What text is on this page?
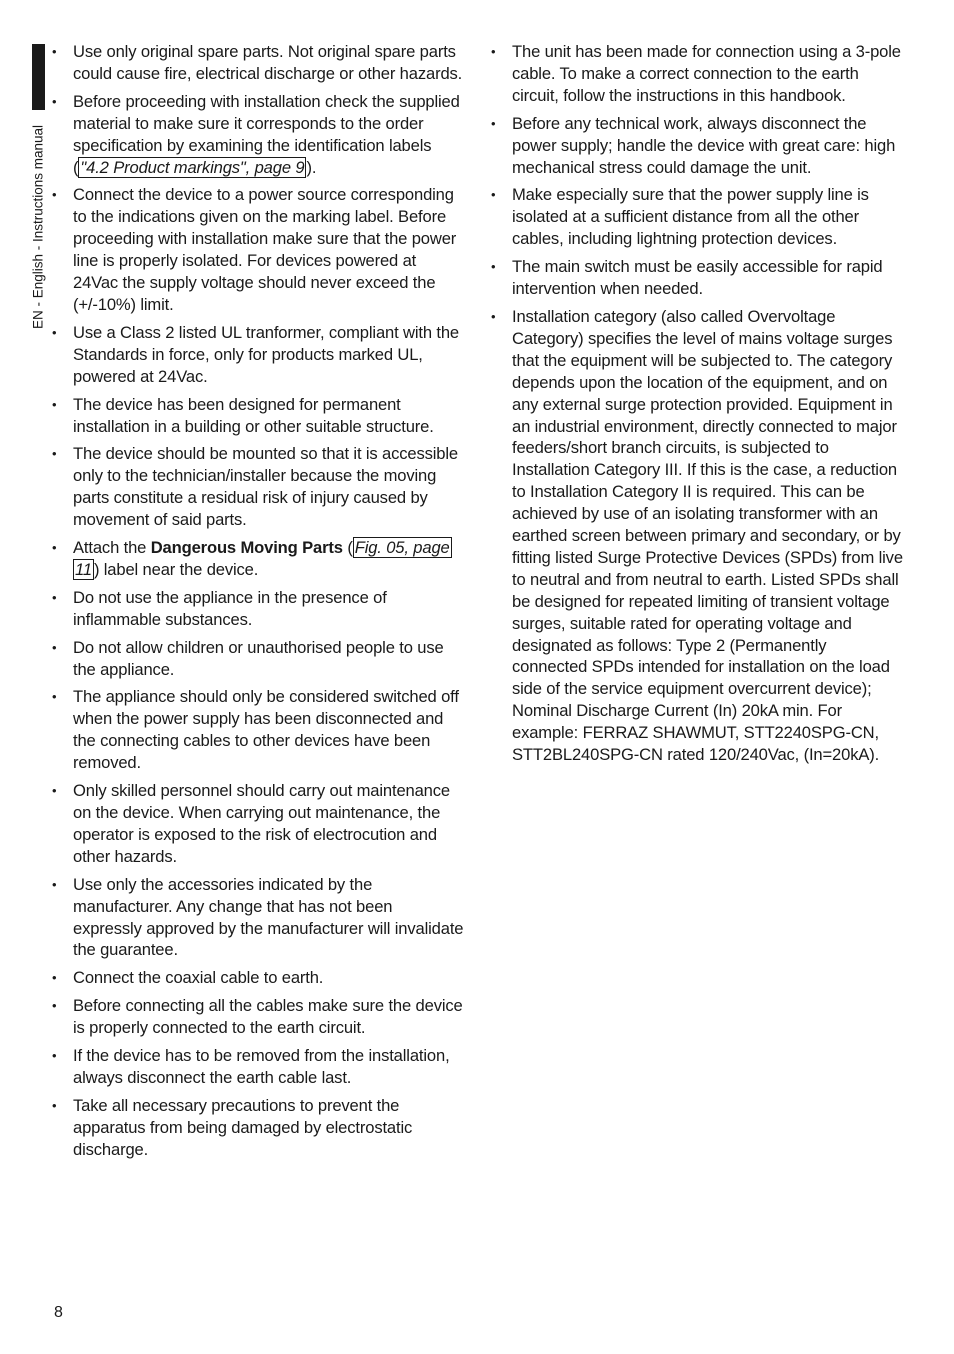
EN - English - Instructions manual
• Use only original spare parts. Not original spare parts could cause fire, electrical discharge or other hazards.
• Before proceeding with installation check the supplied material to make sure it corresponds to the order specification by examining the identification labels ( "4.2 Product markings", page 9 ).
• Connect the device to a power source corresponding to the indications given on the marking label. Before proceeding with installation make sure that the power line is properly isolated. For devices powered at 24Vac the supply voltage should never exceed the (+/-10%) limit.
• Use a Class 2 listed UL tranformer, compliant with the Standards in force, only for products marked UL, powered at 24Vac.
• The device has been designed for permanent installation in a building or other suitable structure.
• The device should be mounted so that it is accessible only to the technician/installer because the moving parts constitute a residual risk of injury caused by movement of said parts.
• Attach the Dangerous Moving Parts ( Fig. 05, page 11 ) label near the device.
• Do not use the appliance in the presence of inflammable substances.
• Do not allow children or unauthorised people to use the appliance.
• The appliance should only be considered switched off when the power supply has been disconnected and the connecting cables to other devices have been removed.
• Only skilled personnel should carry out maintenance on the device. When carrying out maintenance, the operator is exposed to the risk of electrocution and other hazards.
• Use only the accessories indicated by the manufacturer. Any change that has not been expressly approved by the manufacturer will invalidate the guarantee.
• Connect the coaxial cable to earth.
• Before connecting all the cables make sure the device is properly connected to the earth circuit.
• If the device has to be removed from the installation, always disconnect the earth cable last.
• Take all necessary precautions to prevent the apparatus from being damaged by electrostatic discharge.
• The unit has been made for connection using a 3-pole cable. To make a correct connection to the earth circuit, follow the instructions in this handbook.
• Before any technical work, always disconnect the power supply; handle the device with great care: high mechanical stress could damage the unit.
• Make especially sure that the power supply line is isolated at a sufficient distance from all the other cables, including lightning protection devices.
• The main switch must be easily accessible for rapid intervention when needed.
• Installation category (also called Overvoltage Category) specifies the level of mains voltage surges that the equipment will be subjected to. The category depends upon the location of the equipment, and on any external surge protection provided. Equipment in an industrial environment, directly connected to major feeders/short branch circuits, is subjected to Installation Category III. If this is the case, a reduction to Installation Category II is required. This can be achieved by use of an isolating transformer with an earthed screen between primary and secondary, or by fitting listed Surge Protective Devices (SPDs) from live to neutral and from neutral to earth. Listed SPDs shall be designed for repeated limiting of transient voltage surges, suitable rated for operating voltage and designated as follows: Type 2 (Permanently connected SPDs intended for installation on the load side of the service equipment overcurrent device); Nominal Discharge Current (In) 20kA min. For example: FERRAZ SHAWMUT, STT2240SPG-CN, STT2BL240SPG-CN rated 120/240Vac, (In=20kA).
8
